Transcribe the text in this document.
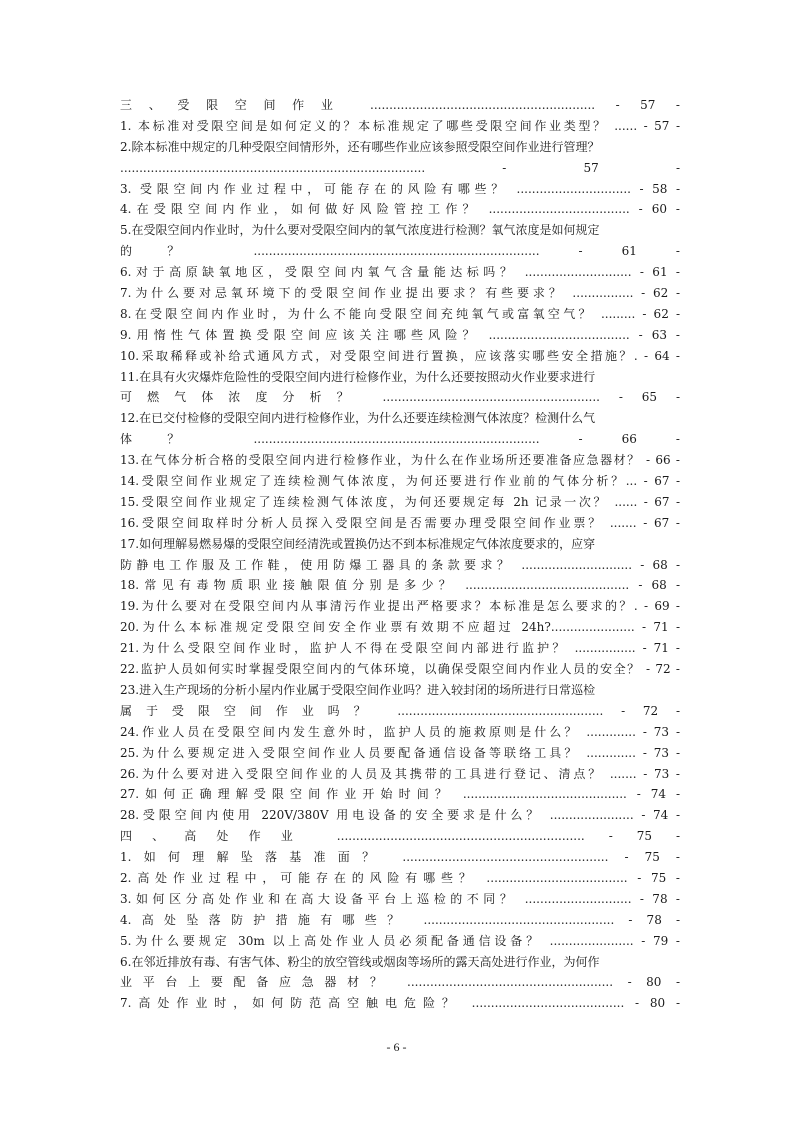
三、受限空间作业 ........................................................... - 57 -
1. 本标准对受限空间是如何定义的？本标准规定了哪些受限空间作业类型？ ...... - 57 -
2.除本标准中规定的几种受限空间情形外，还有哪些作业应该参照受限空间作业进行管理？
................................................................................ - 57 -
3. 受限空间内作业过程中，可能存在的风险有哪些？ .............................. - 58 -
4.在受限空间内作业，如何做好风险管控工作？ ..................................... - 60 -
5.在受限空间内作业时，为什么要对受限空间内的氧气浓度进行检测？氧气浓度是如何规定
的？ ........................................................................... - 61 -
6.对于高原缺氧地区，受限空间内氧气含量能达标吗？ ............................ - 61 -
7.为什么要对忌氧环境下的受限空间作业提出要求？有些要求？ ................ - 62 -
8.在受限空间内作业时，为什么不能向受限空间充纯氧气或富氧空气？ ......... - 62 -
9.用惰性气体置换受限空间应该关注哪些风险？ ..................................... - 63 -
10.采取稀释或补给式通风方式，对受限空间进行置换，应该落实哪些安全措施？. - 64 -
11.在具有火灾爆炸危险性的受限空间内进行检修作业，为什么还要按照动火作业要求进行
可燃气体浓度分析？ ......................................................... - 65 -
12.在已交付检修的受限空间内进行检修作业，为什么还要连续检测气体浓度？检测什么气
体？ ........................................................................... - 66 -
13.在气体分析合格的受限空间内进行检修作业，为什么在作业场所还要准备应急器材？ - 66 -
14.受限空间作业规定了连续检测气体浓度，为何还要进行作业前的气体分析？... - 67 -
15.受限空间作业规定了连续检测气体浓度，为何还要规定每 2h 记录一次？ ...... - 67 -
16.受限空间取样时分析人员探入受限空间是否需要办理受限空间作业票？ ....... - 67 -
17.如何理解易燃易爆的受限空间经清洗或置换仍达不到本标准规定气体浓度要求的，应穿
防静电工作服及工作鞋，使用防爆工器具的条款要求？ ............................. - 68 -
18.常见有毒物质职业接触限值分别是多少？ ........................................... - 68 -
19.为什么要对在受限空间内从事清污作业提出严格要求？本标准是怎么要求的？. - 69 -
20.为什么本标准规定受限空间安全作业票有效期不应超过 24h?...................... - 71 -
21.为什么受限空间作业时，监护人不得在受限空间内部进行监护？ ................ - 71 -
22.监护人员如何实时掌握受限空间内的气体环境，以确保受限空间内作业人员的安全？ - 72 -
23.进入生产现场的分析小屋内作业属于受限空间作业吗？进入较封闭的场所进行日常巡检
属于受限空间作业吗？ ...................................................... - 72 -
24.作业人员在受限空间内发生意外时，监护人员的施救原则是什么？ ............. - 73 -
25.为什么要规定进入受限空间作业人员要配备通信设备等联络工具？ ............. - 73 -
26.为什么要对进入受限空间作业的人员及其携带的工具进行登记、清点？ ....... - 73 -
27.如何正确理解受限空间作业开始时间？ ........................................... - 74 -
28.受限空间内使用 220V/380V 用电设备的安全要求是什么？ ...................... - 74 -
四、高处作业 ................................................................. - 75 -
1.如何理解坠落基准面？ ...................................................... - 75 -
2.高处作业过程中，可能存在的风险有哪些？ ..................................... - 75 -
3.如何区分高处作业和在高大设备平台上巡检的不同？ ............................ - 78 -
4.高处坠落防护措施有哪些？ .................................................. - 78 -
5.为什么要规定 30m 以上高处作业人员必须配备通信设备？ ...................... - 79 -
6.在邻近排放有毒、有害气体、粉尘的放空管线或烟囱等场所的露天高处进行作业，为何作
业平台上要配备应急器材？ ...................................................... - 80 -
7.高处作业时，如何防范高空触电危险？ ........................................ - 80 -
- 6 -
